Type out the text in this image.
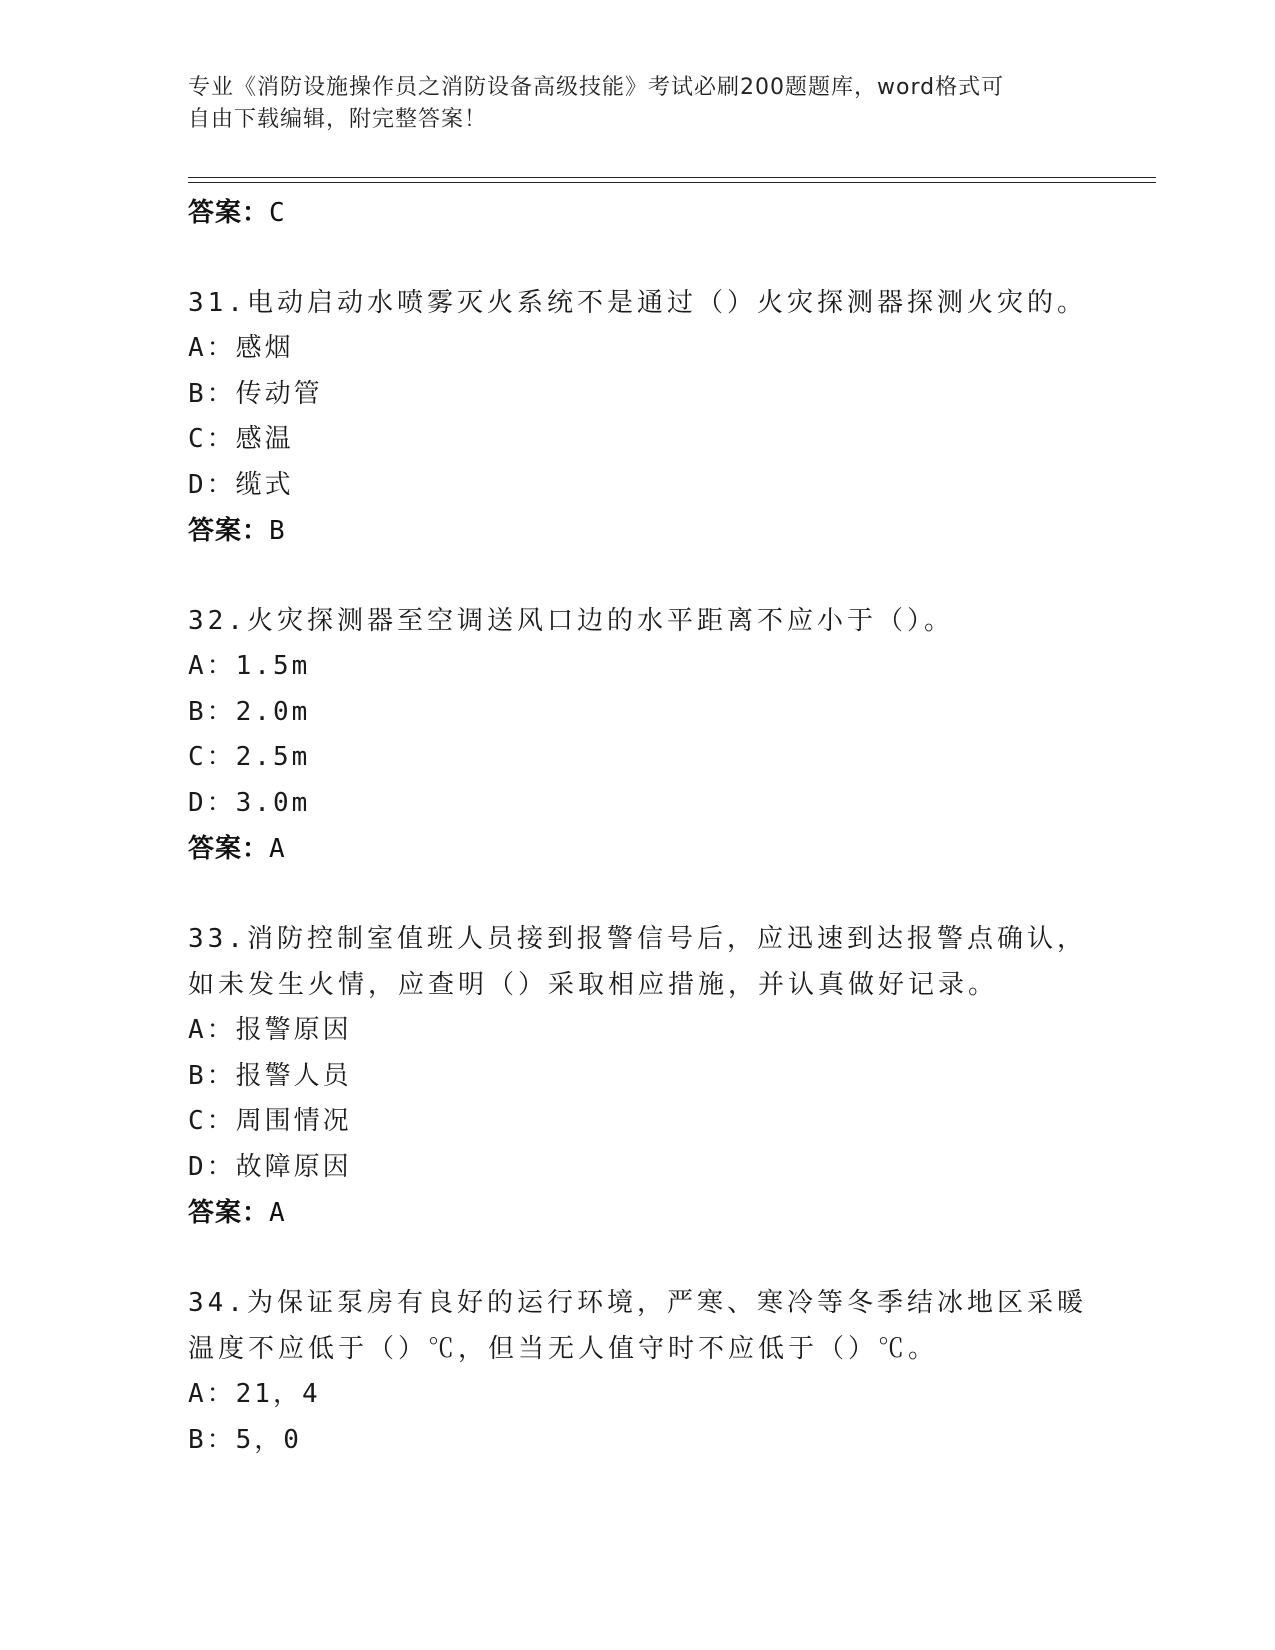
专业《消防设施操作员之消防设备高级技能》考试必刷200题题库，word格式可
自由下载编辑，附完整答案！
答案：C
31.电动启动水喷雾灭火系统不是通过（）火灾探测器探测火灾的。
A：感烟
B：传动管
C：感温
D：缆式
答案：B
32.火灾探测器至空调送风口边的水平距离不应小于（）。
A：1.5m
B：2.0m
C：2.5m
D：3.0m
答案：A
33.消防控制室值班人员接到报警信号后，应迅速到达报警点确认，如未发生火情，应查明（）采取相应措施，并认真做好记录。
A：报警原因
B：报警人员
C：周围情况
D：故障原因
答案：A
34.为保证泵房有良好的运行环境，严寒、寒冷等冬季结冰地区采暖温度不应低于（）℃，但当无人值守时不应低于（）℃。
A：21，4
B：5，0
